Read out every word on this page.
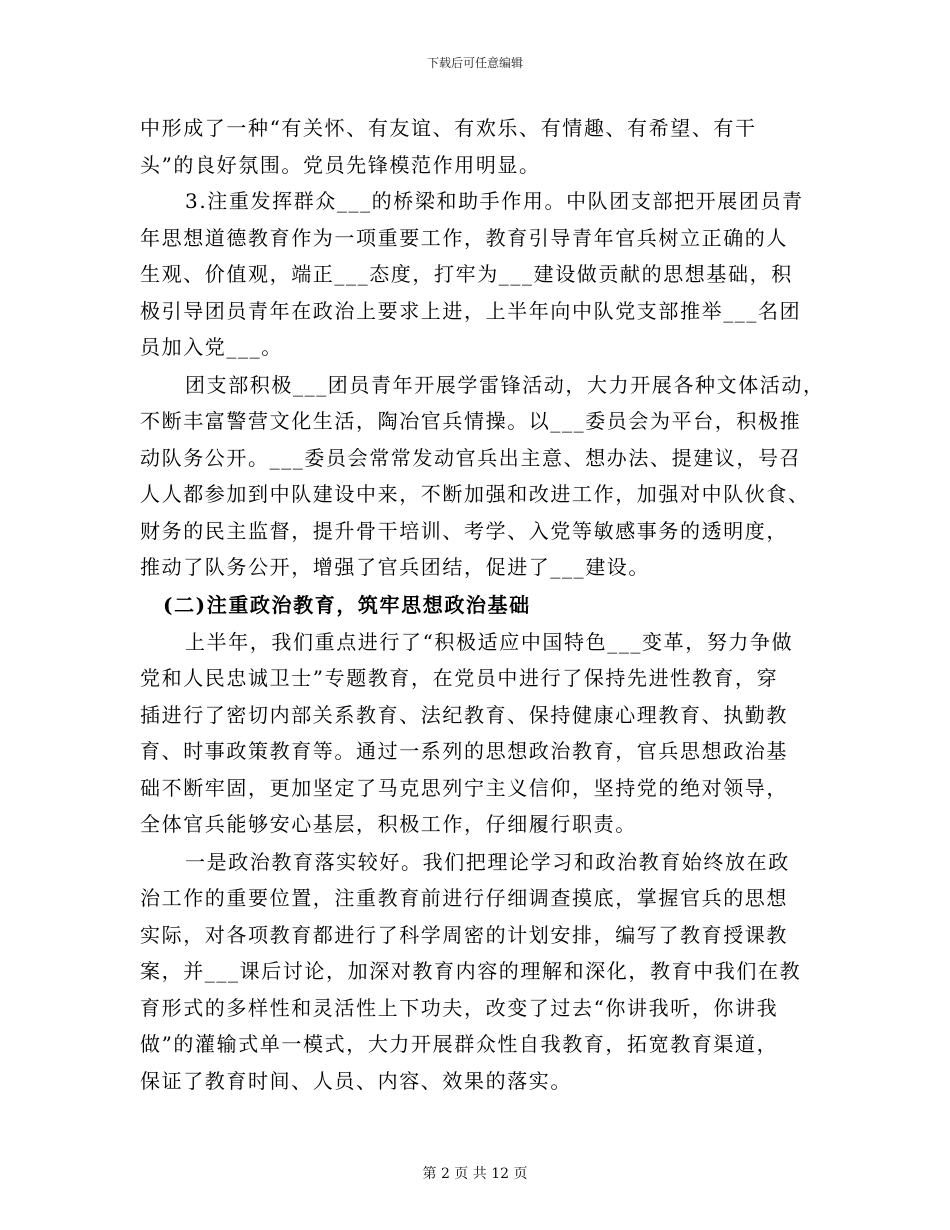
下载后可任意编辑
中形成了一种“有关怀、有友谊、有欢乐、有情趣、有希望、有干
头”的良好氛围。党员先锋模范作用明显。
3.注重发挥群众___的桥梁和助手作用。中队团支部把开展团员青
年思想道德教育作为一项重要工作，教育引导青年官兵树立正确的人
生观、价值观，端正___态度，打牢为___建设做贡献的思想基础，积
极引导团员青年在政治上要求上进，上半年向中队党支部推举___名团
员加入党___。
团支部积极___团员青年开展学雷锋活动，大力开展各种文体活动，
不断丰富警营文化生活，陶冶官兵情操。以___委员会为平台，积极推
动队务公开。___委员会常常发动官兵出主意、想办法、提建议，号召
人人都参加到中队建设中来，不断加强和改进工作，加强对中队伙食、
财务的民主监督，提升骨干培训、考学、入党等敏感事务的透明度，
推动了队务公开，增强了官兵团结，促进了___建设。
(二)注重政治教育，筑牢思想政治基础
上半年，我们重点进行了“积极适应中国特色___变革，努力争做
党和人民忠诚卫士”专题教育，在党员中进行了保持先进性教育，穿
插进行了密切内部关系教育、法纪教育、保持健康心理教育、执勤教
育、时事政策教育等。通过一系列的思想政治教育，官兵思想政治基
础不断牢固，更加坚定了马克思列宁主义信仰，坚持党的绝对领导，
全体官兵能够安心基层，积极工作，仔细履行职责。
一是政治教育落实较好。我们把理论学习和政治教育始终放在政
治工作的重要位置，注重教育前进行仔细调查摸底，掌握官兵的思想
实际，对各项教育都进行了科学周密的计划安排，编写了教育授课教
案，并___课后讨论，加深对教育内容的理解和深化，教育中我们在教
育形式的多样性和灵活性上下功夫，改变了过去“你讲我听，你讲我
做”的灌输式单一模式，大力开展群众性自我教育，拓宽教育渠道，
保证了教育时间、人员、内容、效果的落实。
第 2 页 共 12 页
